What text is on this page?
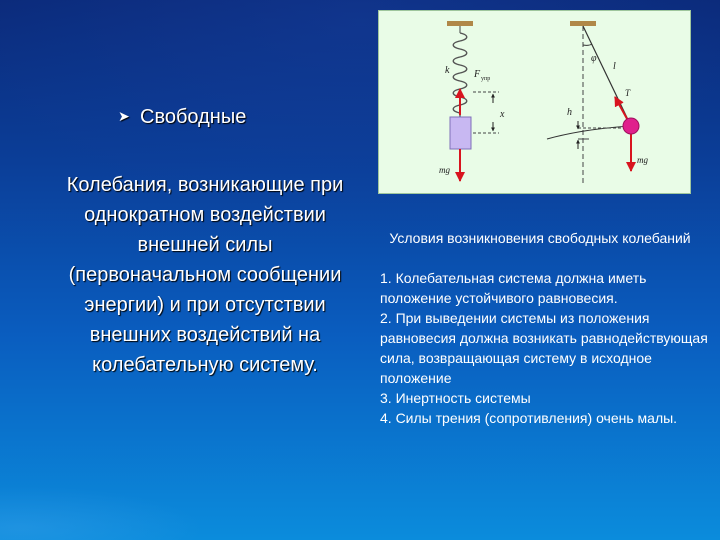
➤ Свободные
Колебания, возникающие при однократном воздействии внешней силы (первоначальном сообщении энергии) и при отсутствии внешних воздействий на колебательную систему.
k F упр
x
mg
φ
l
T
h
mg
Условия возникновения свободных колебаний

1. Колебательная система должна иметь положение устойчивого равновесия.

2. При выведении системы из положения равновесия должна возникать равнодействующая сила, возвращающая систему в исходное положение

3. Инертность системы

4. Силы трения (сопротивления) очень малы.
